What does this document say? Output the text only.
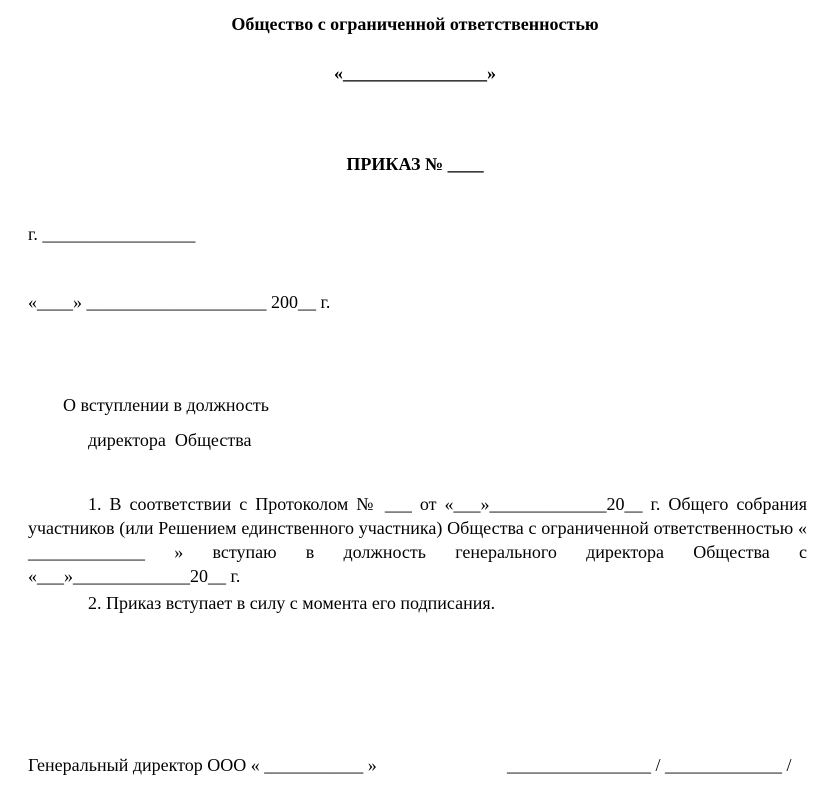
Общество с ограниченной ответственностью
«________________»
ПРИКАЗ № ____
г. _________________
«____» ____________________ 200__ г.
О вступлении в должность
директора  Общества
1. В соответствии с Протоколом № ___ от «___»_____________20__ г. Общего собрания участников (или Решением единственного участника) Общества с ограниченной ответственностью « _____________ » вступаю в должность генерального директора Общества с «___»_____________20__ г.
2. Приказ вступает в силу с момента его подписания.
Генеральный директор ООО « ___________ »	________________ / _____________ /
